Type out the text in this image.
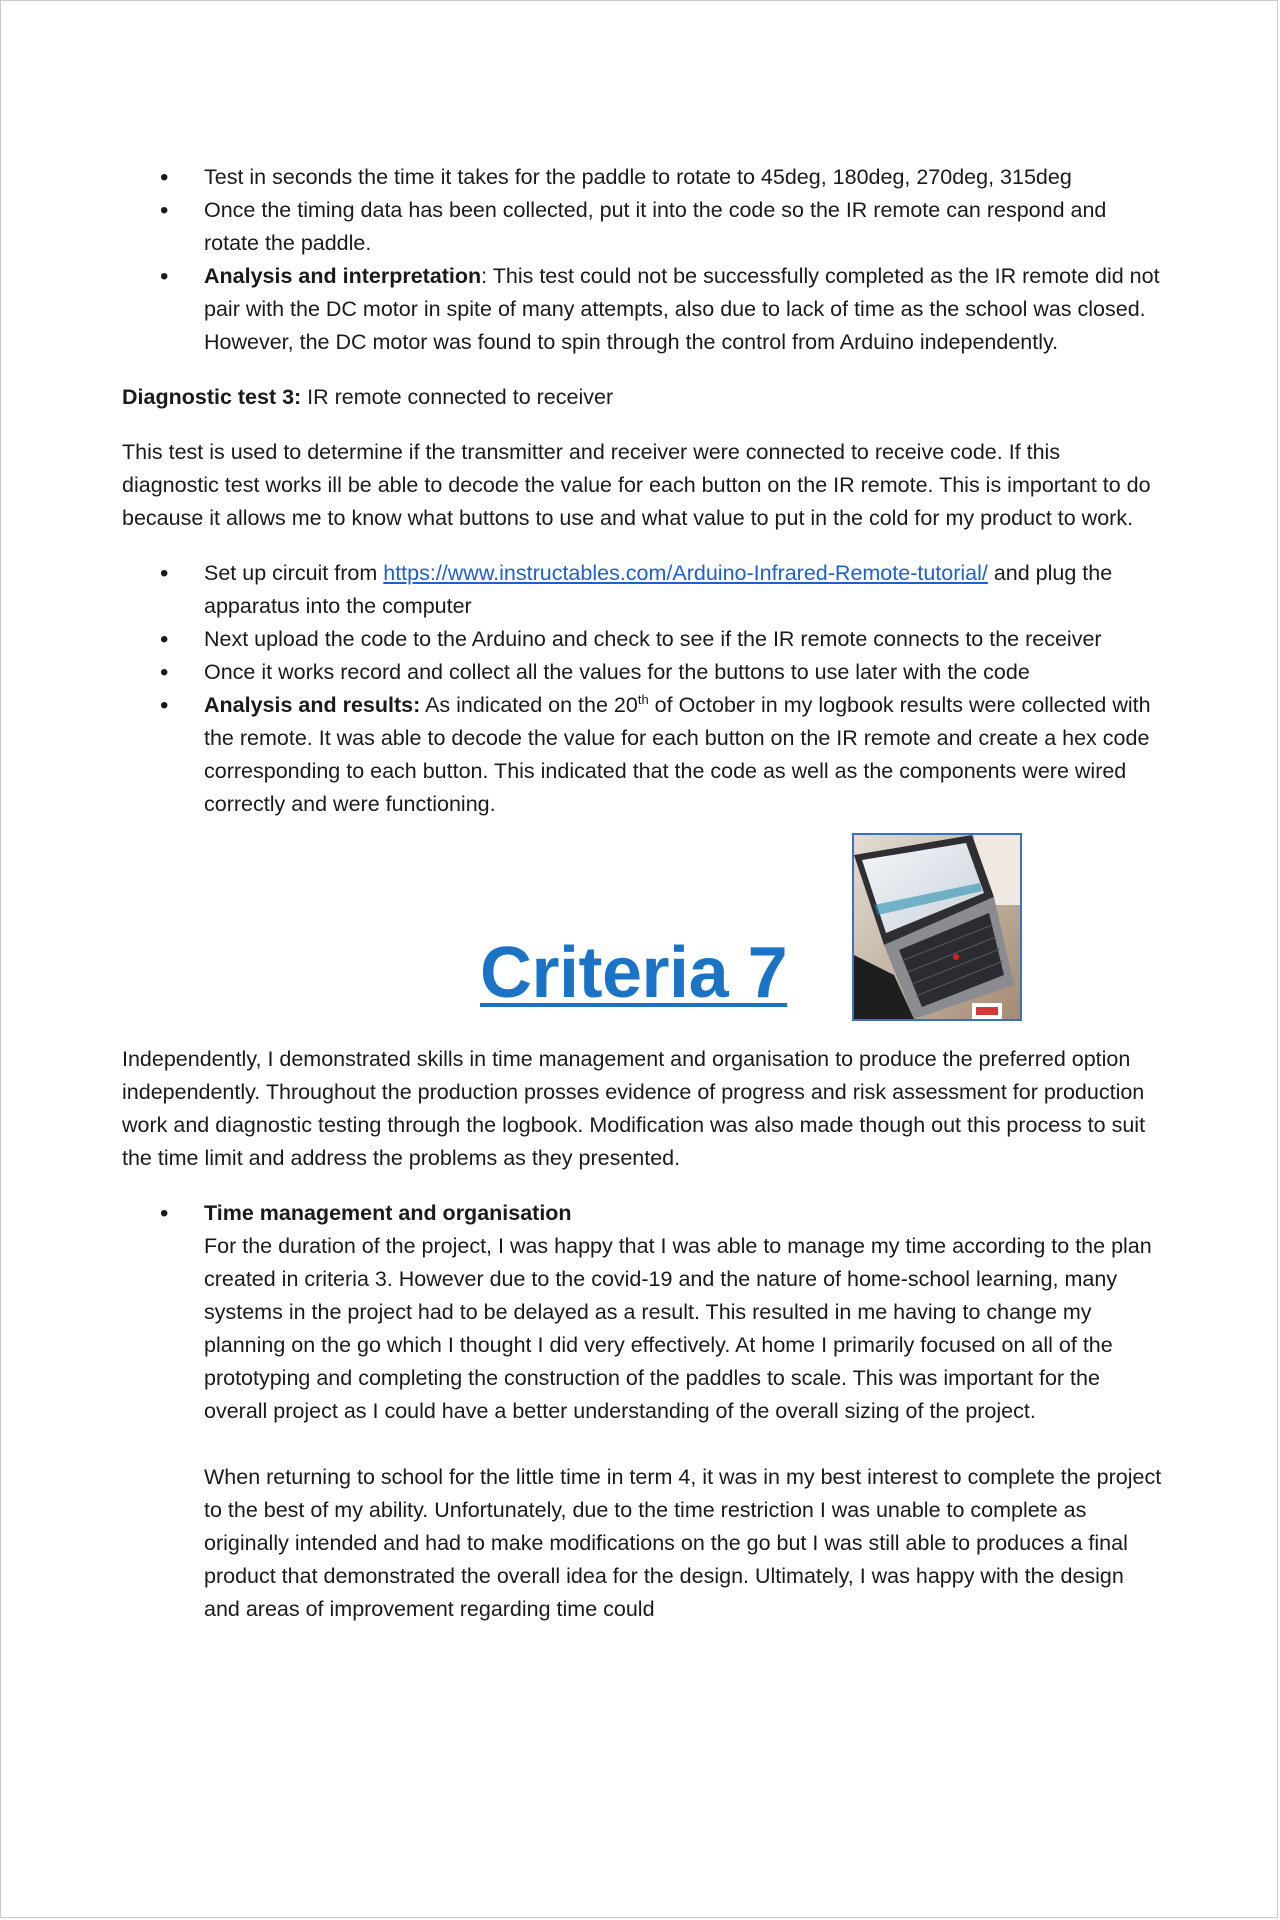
• Test in seconds the time it takes for the paddle to rotate to 45deg, 180deg, 270deg, 315deg
• Once the timing data has been collected, put it into the code so the IR remote can respond and rotate the paddle.
• Analysis and interpretation: This test could not be successfully completed as the IR remote did not pair with the DC motor in spite of many attempts, also due to lack of time as the school was closed. However, the DC motor was found to spin through the control from Arduino independently.

Diagnostic test 3: IR remote connected to receiver

This test is used to determine if the transmitter and receiver were connected to receive code. If this diagnostic test works ill be able to decode the value for each button on the IR remote. This is important to do because it allows me to know what buttons to use and what value to put in the cold for my product to work.

• Set up circuit from https://www.instructables.com/Arduino-Infrared-Remote-tutorial/ and plug the apparatus into the computer
• Next upload the code to the Arduino and check to see if the IR remote connects to the receiver
• Once it works record and collect all the values for the buttons to use later with the code
• Analysis and results: As indicated on the 20th of October in my logbook results were collected with the remote. It was able to decode the value for each button on the IR remote and create a hex code corresponding to each button. This indicated that the code as well as the components were wired correctly and were functioning.
Criteria 7

Independently, I demonstrated skills in time management and organisation to produce the preferred option independently. Throughout the production prosses evidence of progress and risk assessment for production work and diagnostic testing through the logbook. Modification was also made though out this process to suit the time limit and address the problems as they presented.

• Time management and organisation
For the duration of the project, I was happy that I was able to manage my time according to the plan created in criteria 3. However due to the covid-19 and the nature of home-school learning, many systems in the project had to be delayed as a result. This resulted in me having to change my planning on the go which I thought I did very effectively. At home I primarily focused on all of the prototyping and completing the construction of the paddles to scale. This was important for the overall project as I could have a better understanding of the overall sizing of the project.
When returning to school for the little time in term 4, it was in my best interest to complete the project to the best of my ability. Unfortunately, due to the time restriction I was unable to complete as originally intended and had to make modifications on the go but I was still able to produces a final product that demonstrated the overall idea for the design. Ultimately, I was happy with the design and areas of improvement regarding time could
